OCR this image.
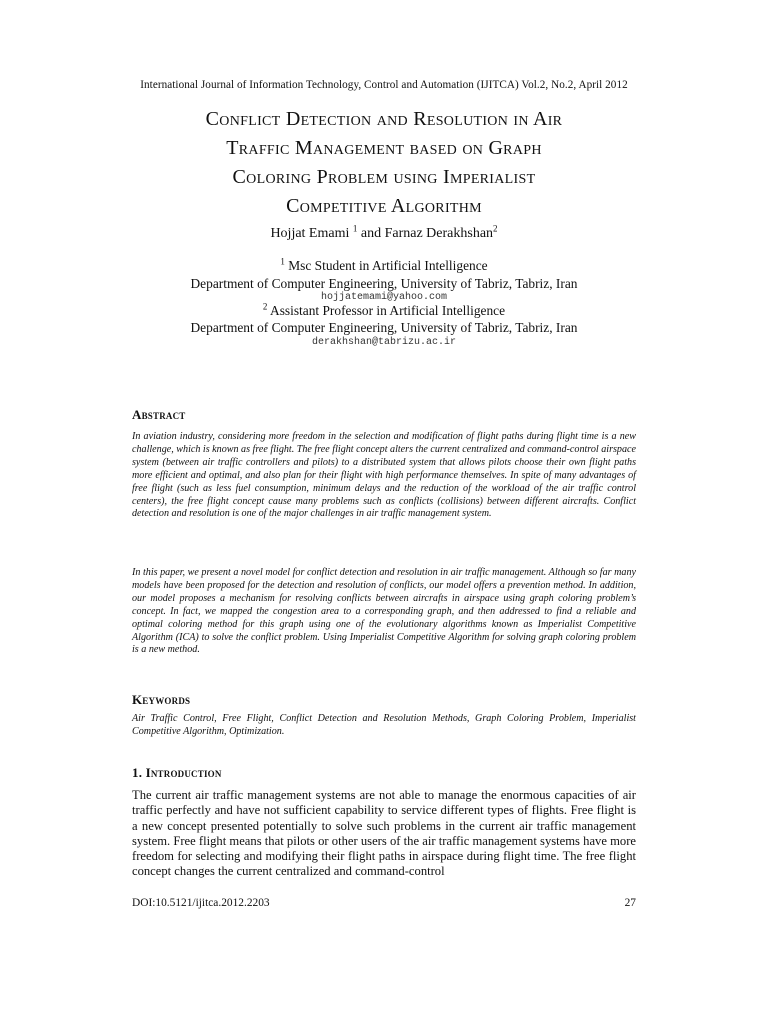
International Journal of Information Technology, Control and Automation (IJITCA) Vol.2, No.2, April 2012
Conflict Detection and Resolution in Air
Traffic Management based on Graph
Coloring Problem using Imperialist
Competitive Algorithm
Hojjat Emami $^1$ and Farnaz Derakhshan$^2$
$^1$ Msc Student in Artificial Intelligence
Department of Computer Engineering, University of Tabriz, Tabriz, Iran
hojjatemami@yahoo.com
$^2$ Assistant Professor in Artificial Intelligence
Department of Computer Engineering, University of Tabriz, Tabriz, Iran
derakhshan@tabrizu.ac.ir
Abstract
In aviation industry, considering more freedom in the selection and modification of flight paths during flight time is a new challenge, which is known as free flight. The free flight concept alters the current centralized and command-control airspace system (between air traffic controllers and pilots) to a distributed system that allows pilots choose their own flight paths more efficient and optimal, and also plan for their flight with high performance themselves. In spite of many advantages of free flight (such as less fuel consumption, minimum delays and the reduction of the workload of the air traffic control centers), the free flight concept cause many problems such as conflicts (collisions) between different aircrafts. Conflict detection and resolution is one of the major challenges in air traffic management system.
In this paper, we present a novel model for conflict detection and resolution in air traffic management. Although so far many models have been proposed for the detection and resolution of conflicts, our model offers a prevention method. In addition, our model proposes a mechanism for resolving conflicts between aircrafts in airspace using graph coloring problem’s concept. In fact, we mapped the congestion area to a corresponding graph, and then addressed to find a reliable and optimal coloring method for this graph using one of the evolutionary algorithms known as Imperialist Competitive Algorithm (ICA) to solve the conflict problem. Using Imperialist Competitive Algorithm for solving graph coloring problem is a new method.
Keywords
Air Traffic Control, Free Flight, Conflict Detection and Resolution Methods, Graph Coloring Problem, Imperialist Competitive Algorithm, Optimization.
1. Introduction
The current air traffic management systems are not able to manage the enormous capacities of air traffic perfectly and have not sufficient capability to service different types of flights. Free flight is a new concept presented potentially to solve such problems in the current air traffic management system. Free flight means that pilots or other users of the air traffic management systems have more freedom for selecting and modifying their flight paths in airspace during flight time. The free flight concept changes the current centralized and command-control
DOI:10.5121/ijitca.2012.2203	27
